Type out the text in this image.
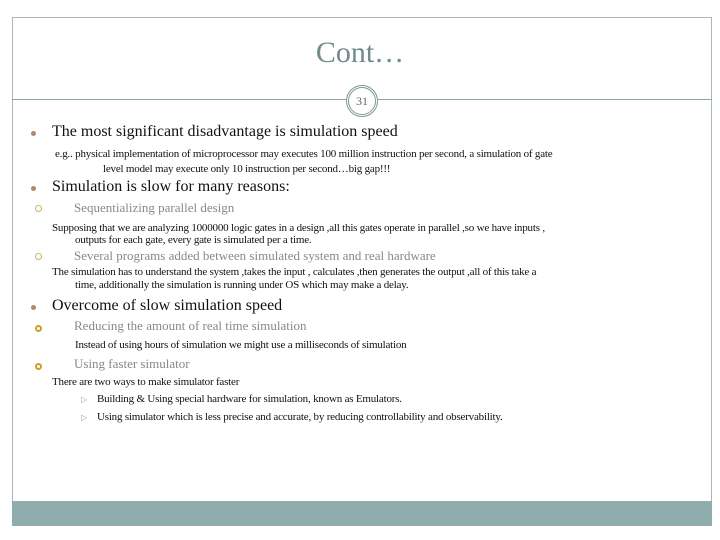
Cont…
31
The most significant disadvantage is simulation speed
e.g.. physical implementation of microprocessor may executes 100 million instruction per second, a simulation of gate
level model may execute only 10 instruction per second…big gap!!!
Simulation is slow for many reasons:
Sequentializing parallel design
Supposing that we are analyzing 1000000 logic gates in a design ,all this gates operate in parallel ,so we have inputs ,
outputs for each gate, every gate is simulated per a time.
Several programs added between simulated system and real hardware
The simulation has to understand the system ,takes the input , calculates ,then generates the output ,all of this take a
time, additionally the simulation is running under OS which may make a delay.
Overcome of slow simulation speed
Reducing the amount of real time simulation
Instead of using hours of simulation we might use a milliseconds of simulation
Using faster simulator
There are two ways to make simulator faster
▷ Building & Using special hardware for simulation, known as Emulators.
▷ Using simulator which is less precise and accurate, by reducing controllability and observability.
